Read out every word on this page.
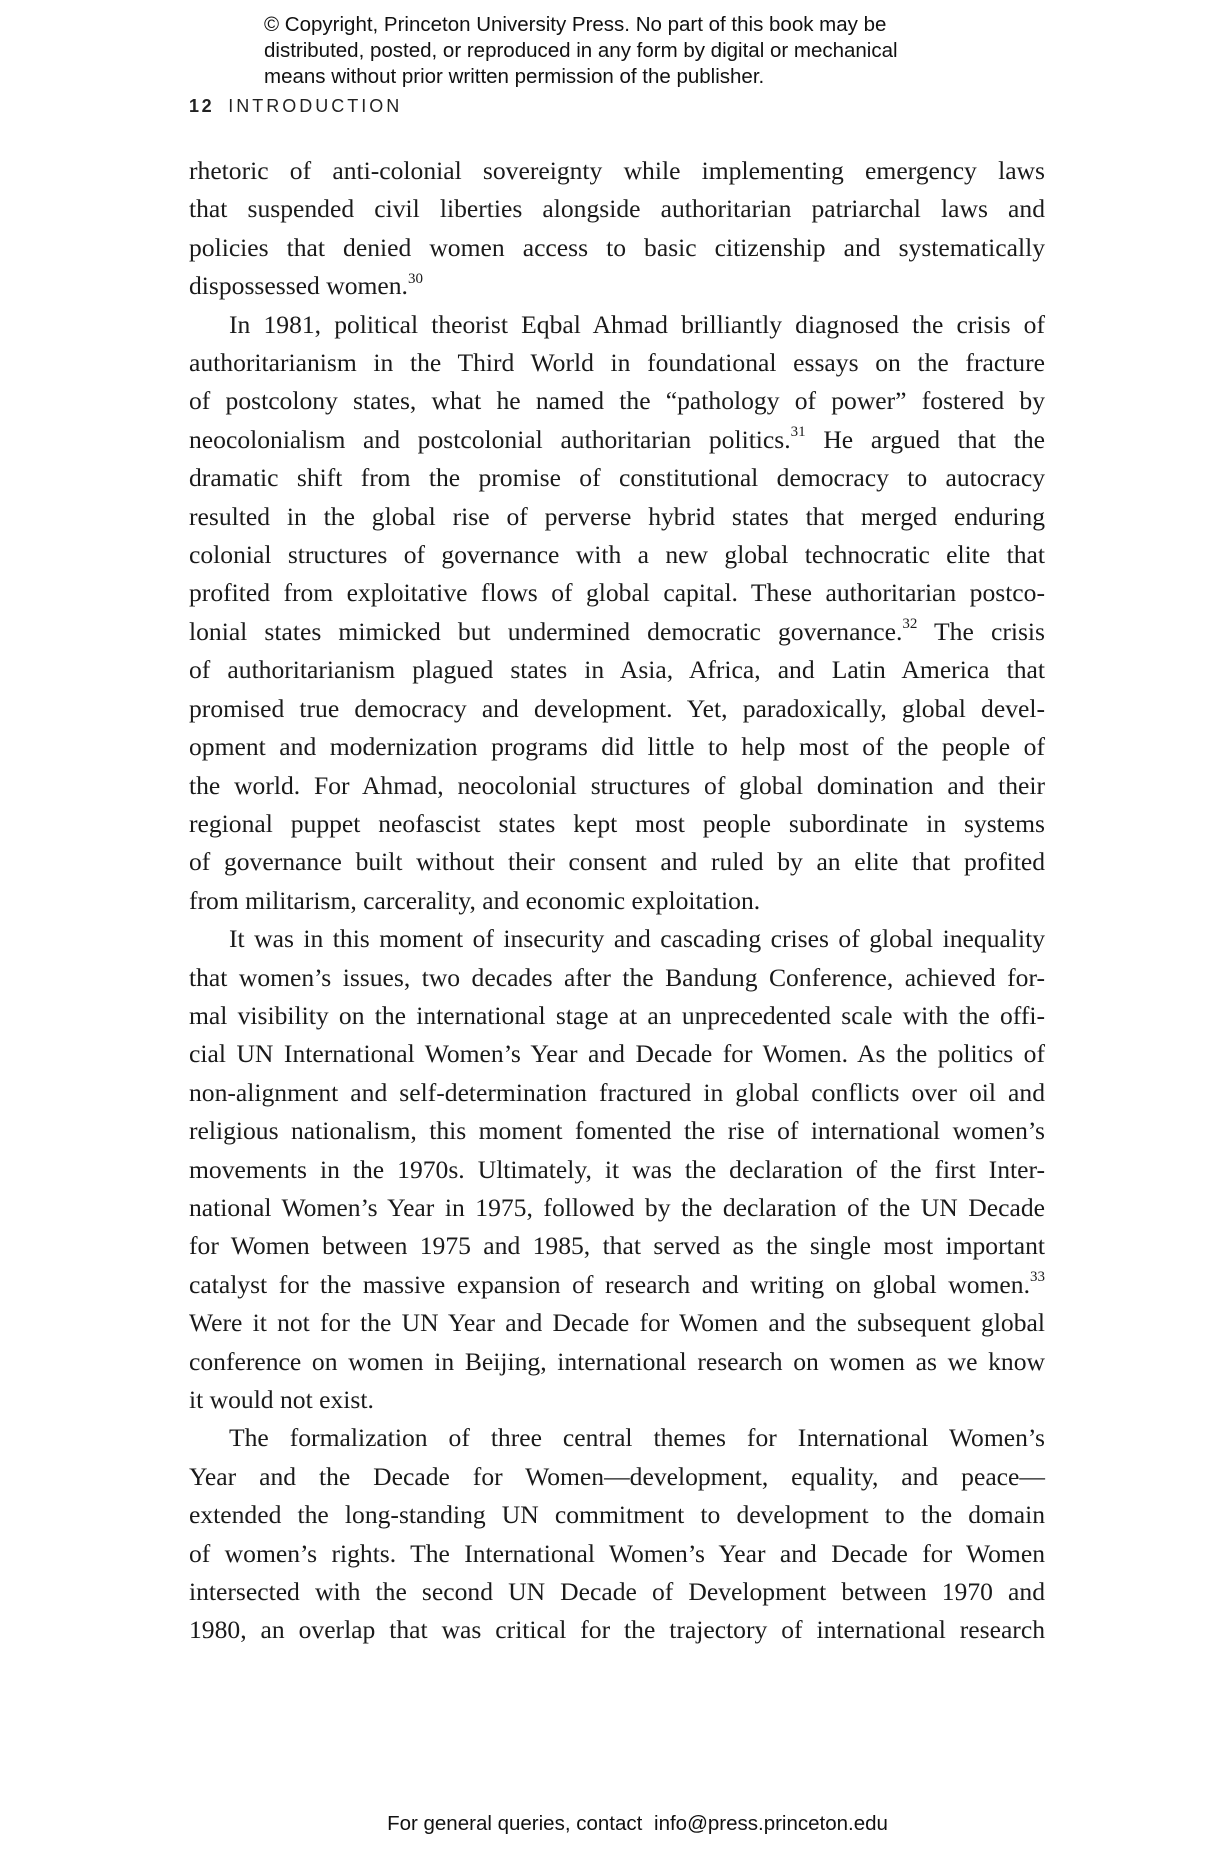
© Copyright, Princeton University Press. No part of this book may be
distributed, posted, or reproduced in any form by digital or mechanical
means without prior written permission of the publisher.
12 INTRODUCTION

rhetoric of anti-colonial sovereignty while implementing emergency laws
that suspended civil liberties alongside authoritarian patriarchal laws and
policies that denied women access to basic citizenship and systematically
dispossessed women.$^{30}$

In 1981, political theorist Eqbal Ahmad brilliantly diagnosed the crisis of
authoritarianism in the Third World in foundational essays on the fracture
of postcolony states, what he named the “pathology of power” fostered by
neocolonialism and postcolonial authoritarian politics.$^{31}$ He argued that the
dramatic shift from the promise of constitutional democracy to autocracy
resulted in the global rise of perverse hybrid states that merged enduring
colonial structures of governance with a new global technocratic elite that
profited from exploitative flows of global capital. These authoritarian postco-
lonial states mimicked but undermined democratic governance.$^{32}$ The crisis
of authoritarianism plagued states in Asia, Africa, and Latin America that
promised true democracy and development. Yet, paradoxically, global devel-
opment and modernization programs did little to help most of the people of
the world. For Ahmad, neocolonial structures of global domination and their
regional puppet neofascist states kept most people subordinate in systems
of governance built without their consent and ruled by an elite that profited
from militarism, carcerality, and economic exploitation.

It was in this moment of insecurity and cascading crises of global inequality
that women’s issues, two decades after the Bandung Conference, achieved for-
mal visibility on the international stage at an unprecedented scale with the offi-
cial UN International Women’s Year and Decade for Women. As the politics of
non-alignment and self-determination fractured in global conflicts over oil and
religious nationalism, this moment fomented the rise of international women’s
movements in the 1970s. Ultimately, it was the declaration of the first Inter-
national Women’s Year in 1975, followed by the declaration of the UN Decade
for Women between 1975 and 1985, that served as the single most important
catalyst for the massive expansion of research and writing on global women.$^{33}$
Were it not for the UN Year and Decade for Women and the subsequent global
conference on women in Beijing, international research on women as we know
it would not exist.

The formalization of three central themes for International Women’s
Year and the Decade for Women—development, equality, and peace—
extended the long-standing UN commitment to development to the domain
of women’s rights. The International Women’s Year and Decade for Women
intersected with the second UN Decade of Development between 1970 and
1980, an overlap that was critical for the trajectory of international research

For general queries, contact info@press.princeton.edu
